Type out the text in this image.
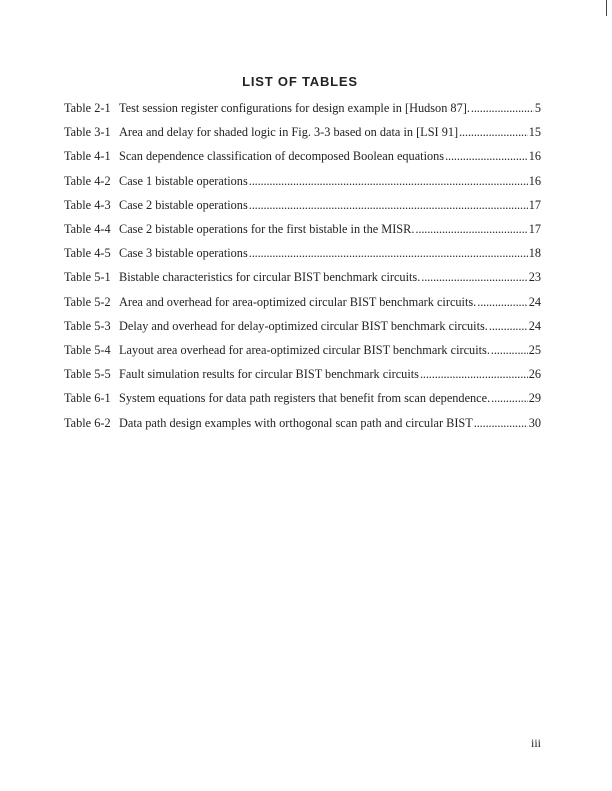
LIST OF TABLES
Table 2-1 Test session register configurations for design example in [Hudson 87]. . . .	5
Table 3-1 Area and delay for shaded logic in Fig. 3-3 based on data in [LSI 91] . . .	15
Table 4-1 Scan dependence classification of decomposed Boolean equations . . .	16
Table 4-2 Case 1 bistable operations . . .	16
Table 4-3 Case 2 bistable operations . . .	17
Table 4-4 Case 2 bistable operations for the first bistable in the MISR. . . .	17
Table 4-5 Case 3 bistable operations . . .	18
Table 5-1 Bistable characteristics for circular BIST benchmark circuits. . . .	23
Table 5-2 Area and overhead for area-optimized circular BIST benchmark circuits. . . .	24
Table 5-3 Delay and overhead for delay-optimized circular BIST benchmark circuits. . . .	24
Table 5-4 Layout area overhead for area-optimized circular BIST benchmark circuits. . . .	25
Table 5-5 Fault simulation results for circular BIST benchmark circuits . . .	26
Table 6-1 System equations for data path registers that benefit from scan dependence. . . .	29
Table 6-2 Data path design examples with orthogonal scan path and circular BIST . . .	30
iii
